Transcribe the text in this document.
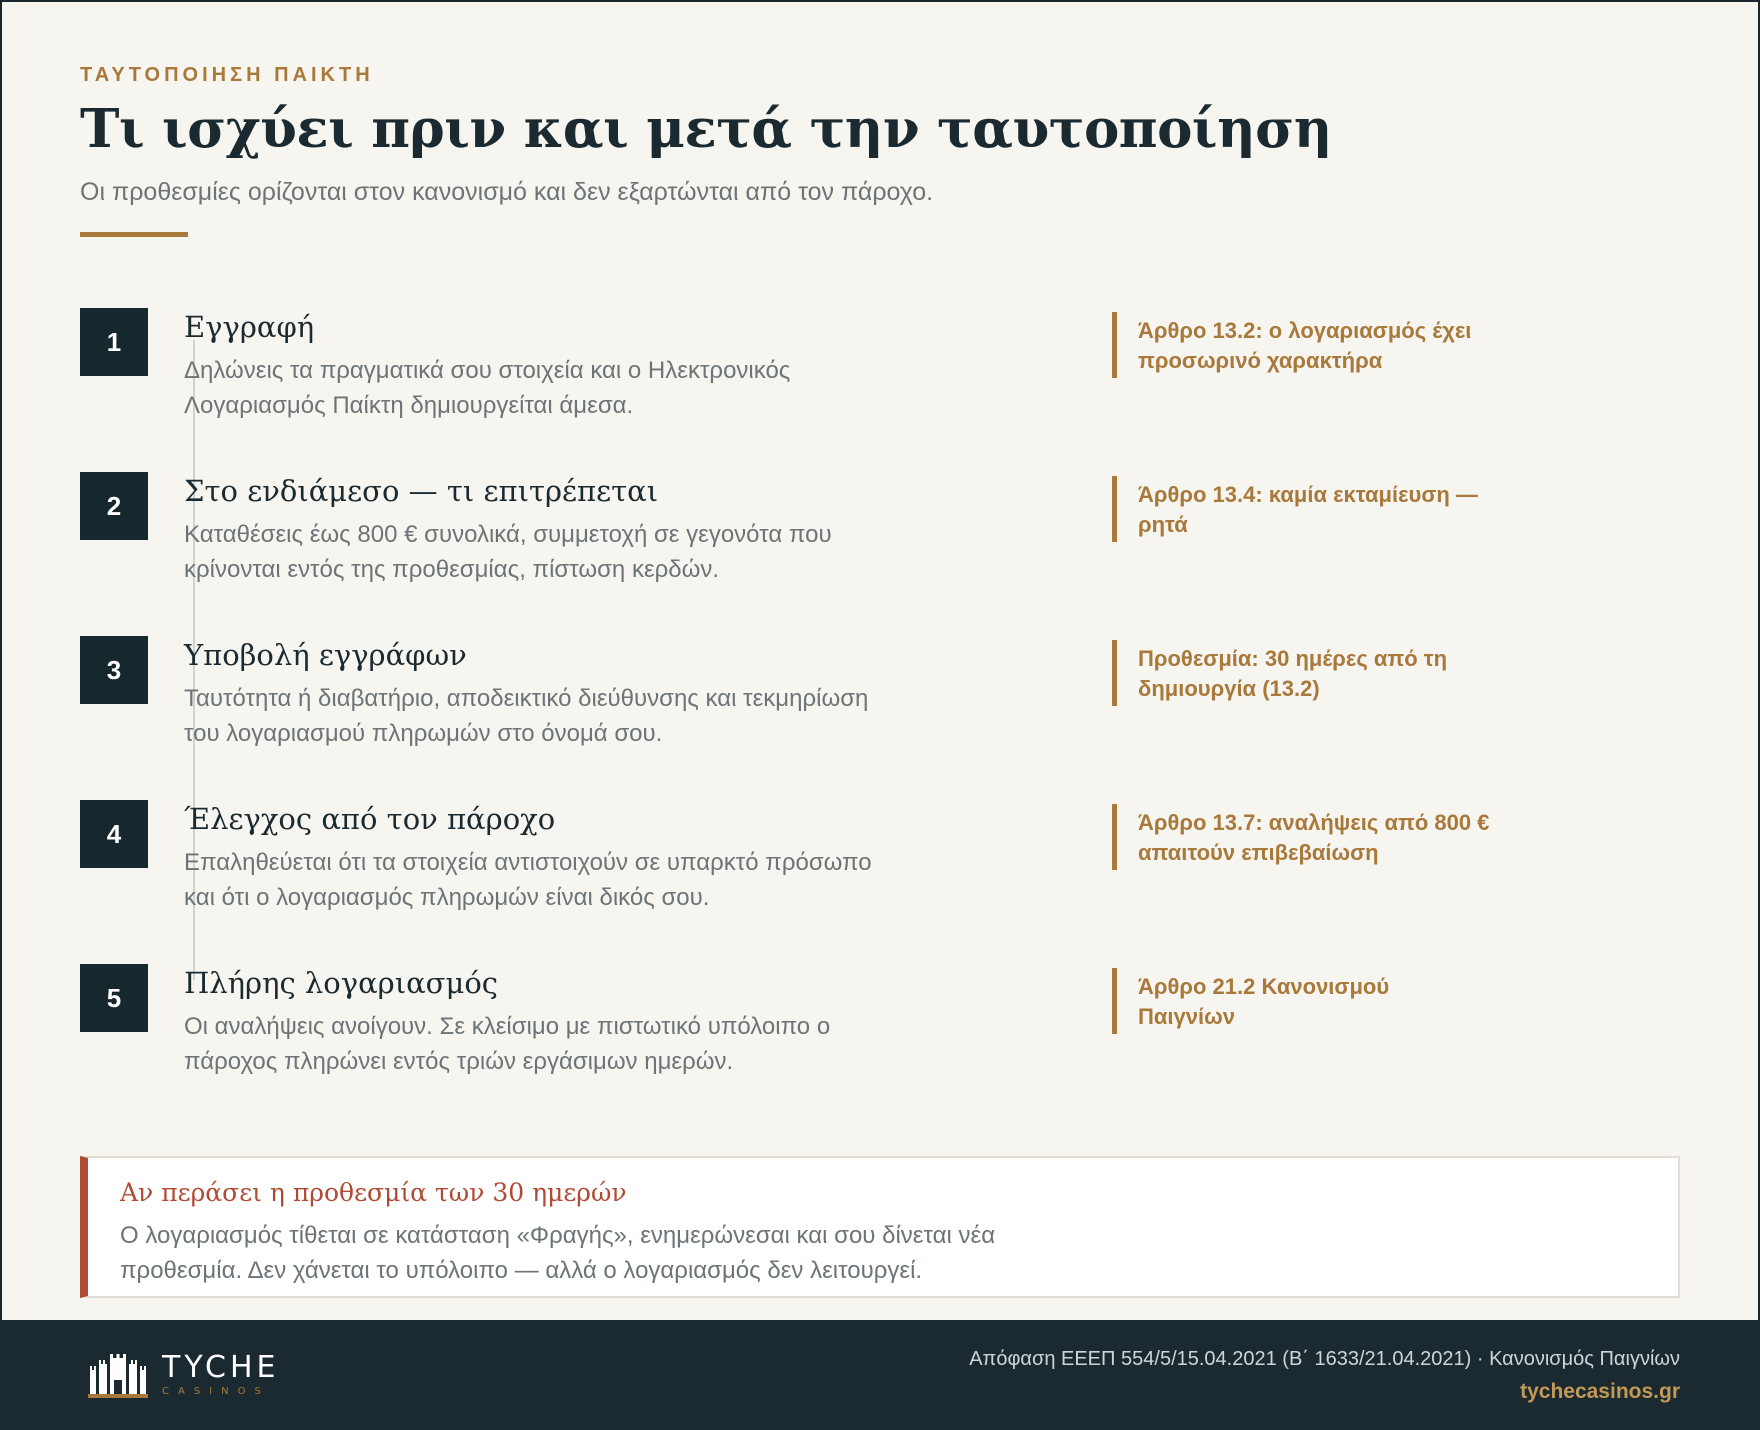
ΤΑΥΤΟΠΟΙΗΣΗ ΠΑΙΚΤΗ
Τι ισχύει πριν και μετά την ταυτοποίηση
Οι προθεσμίες ορίζονται στον κανονισμό και δεν εξαρτώνται από τον πάροχο.
1	Εγγραφή
Δηλώνεις τα πραγματικά σου στοιχεία και ο Ηλεκτρονικός Λογαριασμός Παίκτη δημιουργείται άμεσα.
Άρθρο 13.2: ο λογαριασμός έχει προσωρινό χαρακτήρα
2	Στο ενδιάμεσο — τι επιτρέπεται
Καταθέσεις έως 800 € συνολικά, συμμετοχή σε γεγονότα που κρίνονται εντός της προθεσμίας, πίστωση κερδών.
Άρθρο 13.4: καμία εκταμίευση — ρητά
3	Υποβολή εγγράφων
Ταυτότητα ή διαβατήριο, αποδεικτικό διεύθυνσης και τεκμηρίωση του λογαριασμού πληρωμών στο όνομά σου.
Προθεσμία: 30 ημέρες από τη δημιουργία (13.2)
4	Έλεγχος από τον πάροχο
Επαληθεύεται ότι τα στοιχεία αντιστοιχούν σε υπαρκτό πρόσωπο και ότι ο λογαριασμός πληρωμών είναι δικός σου.
Άρθρο 13.7: αναλήψεις από 800 € απαιτούν επιβεβαίωση
5	Πλήρης λογαριασμός
Οι αναλήψεις ανοίγουν. Σε κλείσιμο με πιστωτικό υπόλοιπο ο πάροχος πληρώνει εντός τριών εργάσιμων ημερών.
Άρθρο 21.2 Κανονισμού Παιγνίων
Αν περάσει η προθεσμία των 30 ημερών
Ο λογαριασμός τίθεται σε κατάσταση «Φραγής», ενημερώνεσαι και σου δίνεται νέα προθεσμία. Δεν χάνεται το υπόλοιπο — αλλά ο λογαριασμός δεν λειτουργεί.
TYCHE
CASINOS
Απόφαση ΕΕΕΠ 554/5/15.04.2021 (Β΄ 1633/21.04.2021) · Κανονισμός Παιγνίων
tychecasinos.gr
